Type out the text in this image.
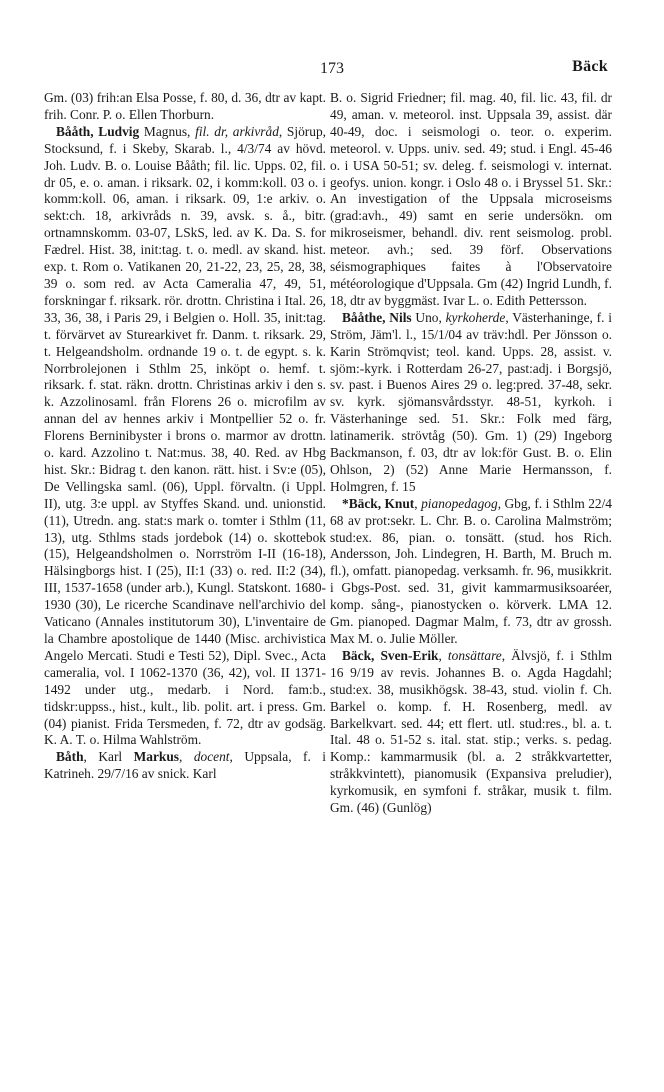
173	Bäck

Gm. (03) frih:an Elsa Posse, f. 80, d. 36, dtr av kapt. frih. Conr. P. o. Ellen Thorburn.

Bååth, Ludvig Magnus, fil. dr, arkivråd, Sjörup, Stocksund, f. i Skeby, Skarab. l., 4/3/74 av hövd. Joh. Ludv. B. o. Louise Bååth; fil. lic. Upps. 02, fil. dr 05, e. o. aman. i riksark. 02, i komm:koll. 03 o. i komm:koll. 06, aman. i riksark. 09, 1:e arkiv. o. sekt:ch. 18, arkivråds n. 39, avsk. s. å., bitr. ortnamnskomm. 03-07, LSkS, led. av K. Da. S. for Fædrel. Hist. 38, init:tag. t. o. medl. av skand. hist. exp. t. Rom o. Vatikanen 20, 21-22, 23, 25, 28, 38, 39 o. som red. av Acta Cameralia 47, 49, 51, forskningar f. riksark. rör. drottn. Christina i Ital. 26, 33, 36, 38, i Paris 29, i Belgien o. Holl. 35, init:tag. t. förvärvet av Sturearkivet fr. Danm. t. riksark. 29, t. Helgeandsholm. ordnande 19 o. t. de egypt. s. k. Norrbrolejonen i Sthlm 25, inköpt o. hemf. t. riksark. f. stat. räkn. drottn. Christinas arkiv i den s. k. Azzolinosaml. från Florens 26 o. microfilm av annan del av hennes arkiv i Montpellier 52 o. fr. Florens Berninibyster i brons o. marmor av drottn. o. kard. Azzolino t. Nat:mus. 38, 40. Red. av Hbg hist. Skr.: Bidrag t. den kanon. rätt. hist. i Sv:e (05), De Vellingska saml. (06), Uppl. förvaltn. (i Uppl. II), utg. 3:e uppl. av Styffes Skand. und. unionstid. (11), Utredn. ang. stat:s mark o. tomter i Sthlm (11, 13), utg. Sthlms stads jordebok (14) o. skottebok (15), Helgeandsholmen o. Norrström I-II (16-18), Hälsingborgs hist. I (25), II:1 (33) o. red. II:2 (34), III, 1537-1658 (under arb.), Kungl. Statskont. 1680-1930 (30), Le ricerche Scandinave nell'archivio del Vaticano (Annales institutorum 30), L'inventaire de la Chambre apostolique de 1440 (Misc. archivistica Angelo Mercati. Studi e Testi 52), Dipl. Svec., Acta cameralia, vol. I 1062-1370 (36, 42), vol. II 1371-1492 under utg., medarb. i Nord. fam:b., tidskr:uppss., hist., kult., lib. polit. art. i press. Gm. (04) pianist. Frida Tersmeden, f. 72, dtr av godsäg. K. A. T. o. Hilma Wahlström.

Båth, Karl Markus, docent, Uppsala, f. i Katrineh. 29/7/16 av snick. Karl

B. o. Sigrid Friedner; fil. mag. 40, fil. lic. 43, fil. dr 49, aman. v. meteorol. inst. Uppsala 39, assist. där 40-49, doc. i seismologi o. teor. o. experim. meteorol. v. Upps. univ. sed. 49; stud. i Engl. 45-46 o. i USA 50-51; sv. deleg. f. seismologi v. internat. geofys. union. kongr. i Oslo 48 o. i Bryssel 51. Skr.: An investigation of the Uppsala microseisms (grad:avh., 49) samt en serie undersökn. om mikroseismer, behandl. div. rent seismolog. probl. meteor. avh.; sed. 39 förf. Observations séismographiques faites à l'Observatoire météorologique d'Uppsala. Gm (42) Ingrid Lundh, f. 18, dtr av byggmäst. Ivar L. o. Edith Pettersson.

Bååthe, Nils Uno, kyrkoherde, Västerhaninge, f. i Ström, Jäm'l. l., 15/1/04 av träv:hdl. Per Jönsson o. Karin Strömqvist; teol. kand. Upps. 28, assist. v. sjöm:-kyrk. i Rotterdam 26-27, past:adj. i Borgsjö, sv. past. i Buenos Aires 29 o. leg:pred. 37-48, sekr. sv. kyrk. sjömansvårdsstyr. 48-51, kyrkoh. i Västerhaninge sed. 51. Skr.: Folk med färg, latinamerik. strövtåg (50). Gm. 1) (29) Ingeborg Backmanson, f. 03, dtr av lok:för Gust. B. o. Elin Ohlson, 2) (52) Anne Marie Hermansson, f. Holmgren, f. 15

*Bäck, Knut, pianopedagog, Gbg, f. i Sthlm 22/4 68 av prot:sekr. L. Chr. B. o. Carolina Malmström; stud:ex. 86, pian. o. tonsätt. (stud. hos Rich. Andersson, Joh. Lindegren, H. Barth, M. Bruch m. fl.), omfatt. pianopedag. verksamh. fr. 96, musikkrit. i Gbgs-Post. sed. 31, givit kammarmusiksoaréer, komp. sång-, pianostycken o. körverk. LMA 12. Gm. pianoped. Dagmar Malm, f. 73, dtr av grossh. Max M. o. Julie Möller.

Bäck, Sven-Erik, tonsättare, Älvsjö, f. i Sthlm 16 9/19 av revis. Johannes B. o. Agda Hagdahl; stud:ex. 38, musikhögsk. 38-43, stud. violin f. Ch. Barkel o. komp. f. H. Rosenberg, medl. av Barkelkvart. sed. 44; ett flert. utl. stud:res., bl. a. t. Ital. 48 o. 51-52 s. ital. stat. stip.; verks. s. pedag. Komp.: kammarmusik (bl. a. 2 stråkkvartetter, stråkkvintett), pianomusik (Expansiva preludier), kyrkomusik, en symfoni f. stråkar, musik t. film. Gm. (46) (Gunlög)
